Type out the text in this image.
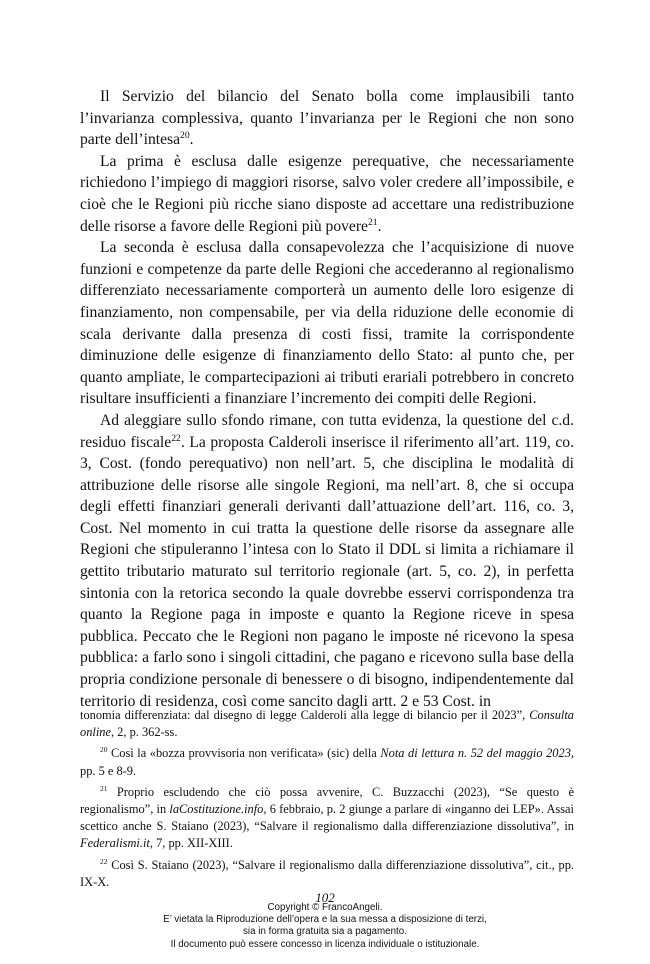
Il Servizio del bilancio del Senato bolla come implausibili tanto l’invarianza complessiva, quanto l’invarianza per le Regioni che non sono parte dell’intesa$^{20}$.

La prima è esclusa dalle esigenze perequative, che necessariamente richiedono l’impiego di maggiori risorse, salvo voler credere all’impossibile, e cioè che le Regioni più ricche siano disposte ad accettare una redistribuzione delle risorse a favore delle Regioni più povere$^{21}$.

La seconda è esclusa dalla consapevolezza che l’acquisizione di nuove funzioni e competenze da parte delle Regioni che accederanno al regionalismo differenziato necessariamente comporterà un aumento delle loro esigenze di finanziamento, non compensabile, per via della riduzione delle economie di scala derivante dalla presenza di costi fissi, tramite la corrispondente diminuzione delle esigenze di finanziamento dello Stato: al punto che, per quanto ampliate, le compartecipazioni ai tributi erariali potrebbero in concreto risultare insufficienti a finanziare l’incremento dei compiti delle Regioni.

Ad aleggiare sullo sfondo rimane, con tutta evidenza, la questione del c.d. residuo fiscale$^{22}$. La proposta Calderoli inserisce il riferimento all’art. 119, co. 3, Cost. (fondo perequativo) non nell’art. 5, che disciplina le modalità di attribuzione delle risorse alle singole Regioni, ma nell’art. 8, che si occupa degli effetti finanziari generali derivanti dall’attuazione dell’art. 116, co. 3, Cost. Nel momento in cui tratta la questione delle risorse da assegnare alle Regioni che stipuleranno l’intesa con lo Stato il DDL si limita a richiamare il gettito tributario maturato sul territorio regionale (art. 5, co. 2), in perfetta sintonia con la retorica secondo la quale dovrebbe esservi corrispondenza tra quanto la Regione paga in imposte e quanto la Regione riceve in spesa pubblica. Peccato che le Regioni non pagano le imposte né ricevono la spesa pubblica: a farlo sono i singoli cittadini, che pagano e ricevono sulla base della propria condizione personale di benessere o di bisogno, indipendentemente dal territorio di residenza, così come sancito dagli artt. 2 e 53 Cost. in

tonomia differenziata: dal disegno di legge Calderoli alla legge di bilancio per il 2023”, Consulta online, 2, p. 362-ss.

$^{20}$ Così la «bozza provvisoria non verificata» (sic) della Nota di lettura n. 52 del maggio 2023, pp. 5 e 8-9.

$^{21}$ Proprio escludendo che ciò possa avvenire, C. Buzzacchi (2023), “Se questo è regionalismo”, in laCostituzione.info, 6 febbraio, p. 2 giunge a parlare di «inganno dei LEP». Assai scettico anche S. Staiano (2023), “Salvare il regionalismo dalla differenziazione dissolutiva”, in Federalismi.it, 7, pp. XII-XIII.

$^{22}$ Così S. Staiano (2023), “Salvare il regionalismo dalla differenziazione dissolutiva”, cit., pp. IX-X.

102
Copyright © FrancoAngeli.
E’ vietata la Riproduzione dell’opera e la sua messa a disposizione di terzi,
sia in forma gratuita sia a pagamento.
Il documento può essere concesso in licenza individuale o istituzionale.
